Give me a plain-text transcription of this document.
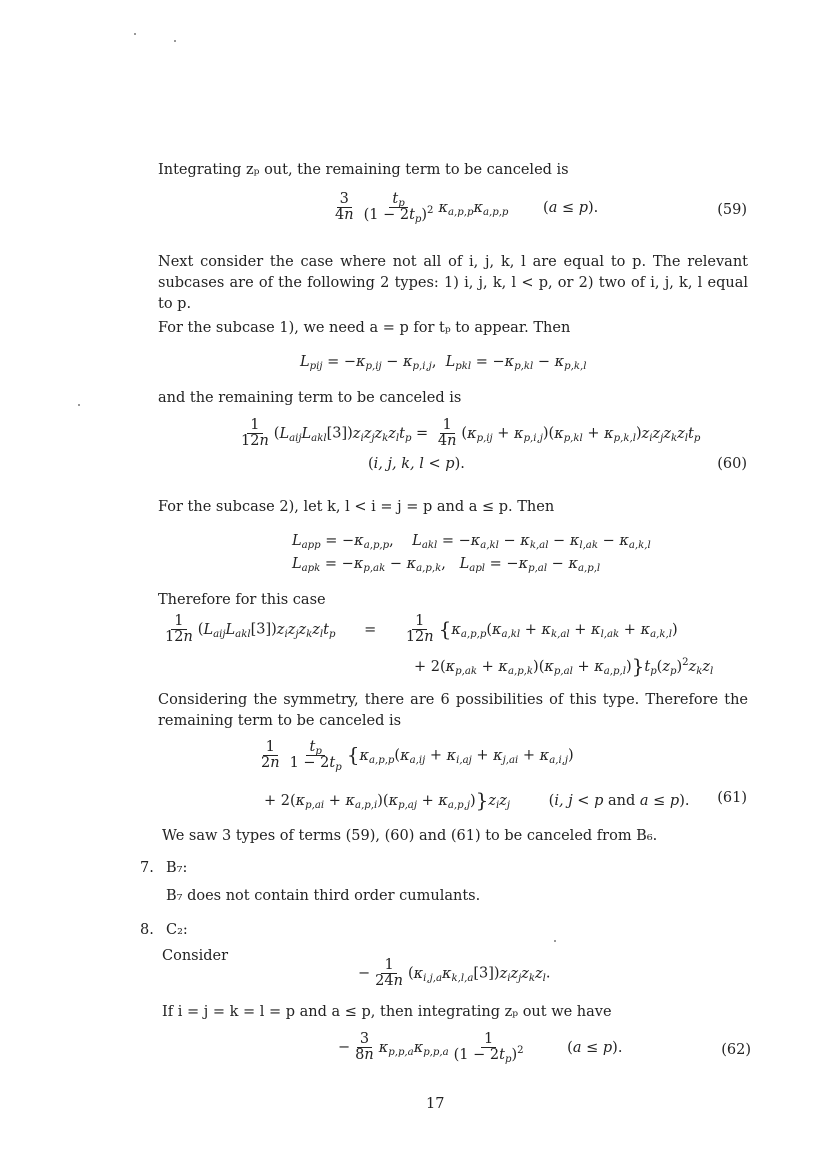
Integrating zₚ out, the remaining term to be canceled is
$\frac{3}{4n} \frac{t_p}{(1 - 2t_p)^2} \kappa_{a,p,p}\kappa_{a,p,p}$ (a ≤ p).	(59)
Next consider the case where not all of i, j, k, l are equal to p. The relevant subcases are of the following 2 types: 1) i, j, k, l < p, or 2) two of i, j, k, l equal to p.
For the subcase 1), we need a = p for tₚ to appear. Then
$L_{pij} = -\kappa_{p,ij} - \kappa_{p,i,j}$,  $L_{pkl} = -\kappa_{p,kl} - \kappa_{p,k,l}$
and the remaining term to be canceled is
$\frac{1}{12n} (L_{aij}L_{akl}[3])z_iz_jz_kz_lt_p = \frac{1}{4n} (\kappa_{p,ij} + \kappa_{p,i,j})(\kappa_{p,kl} + \kappa_{p,k,l})z_iz_jz_kz_lt_p$
(i, j, k, l < p).	(60)
For the subcase 2), let k, l < i = j = p and a ≤ p. Then
$L_{app} = -\kappa_{a,p,p}$,    $L_{akl} = -\kappa_{a,kl} - \kappa_{k,al} - \kappa_{l,ak} - \kappa_{a,k,l}$
$L_{apk} = -\kappa_{p,ak} - \kappa_{a,p,k}$,   $L_{apl} = -\kappa_{p,al} - \kappa_{a,p,l}$
Therefore for this case
$\frac{1}{12n} (L_{aij}L_{akl}[3])z_iz_jz_kz_lt_p = \frac{1}{12n} \{\kappa_{a,p,p}(\kappa_{a,kl} + \kappa_{k,al} + \kappa_{l,ak} + \kappa_{a,k,l})$
+ $2(\kappa_{p,ak} + \kappa_{a,p,k})(\kappa_{p,al} + \kappa_{a,p,l})\}t_p(z_p)^2z_kz_l$
Considering the symmetry, there are 6 possibilities of this type. Therefore the remaining term to be canceled is
$\frac{1}{2n} \frac{t_p}{1 - 2t_p} \{\kappa_{a,p,p}(\kappa_{a,ij} + \kappa_{i,aj} + \kappa_{j,ai} + \kappa_{a,i,j})$
+ $2(\kappa_{p,ai} + \kappa_{a,p,i})(\kappa_{p,aj} + \kappa_{a,p,j})\}z_iz_j$	(i, j < p and a ≤ p). (61)
We saw 3 types of terms (59), (60) and (61) to be canceled from B₆.
7. B₇:
B₇ does not contain third order cumulants.
8. C₂:
Consider
− $\frac{1}{24n} (\kappa_{i,j,a}\kappa_{k,l,a}[3])z_iz_jz_kz_l$.
If i = j = k = l = p and a ≤ p, then integrating zₚ out we have
− $\frac{3}{8n} \kappa_{p,p,a}\kappa_{p,p,a} \frac{1}{(1 - 2t_p)^2}$	(a ≤ p).	(62)
17
